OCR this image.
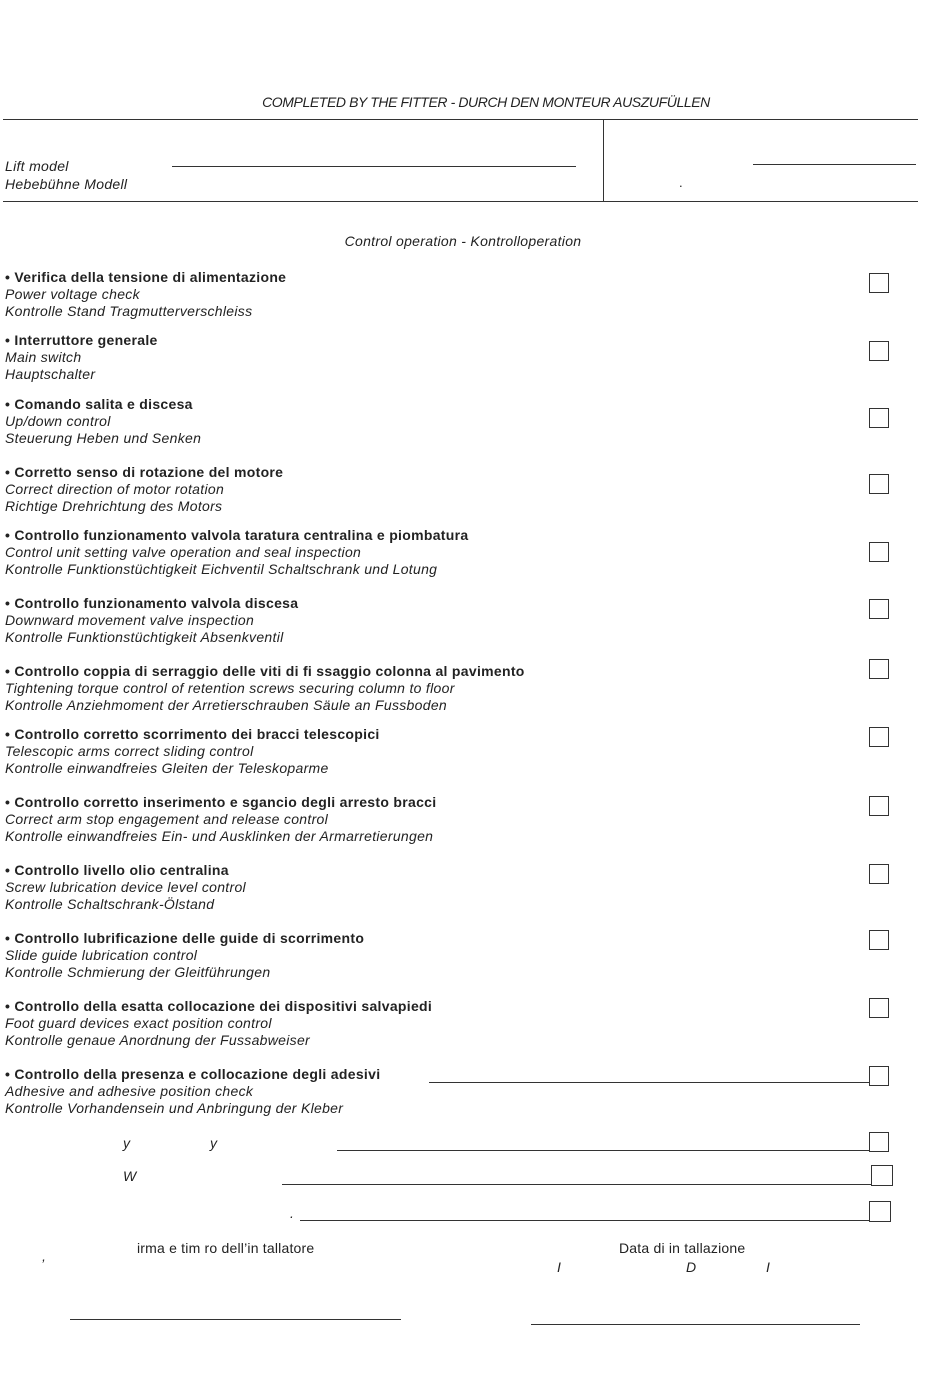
COMPLETED BY THE FITTER - DURCH DEN MONTEUR AUSZUFÜLLEN
Lift model
Hebebühne Modell	.
Control operation - Kontrolloperation
• Verifica della tensione di alimentazione
Power voltage check
Kontrolle Stand Tragmutterverschleiss
• Interruttore generale
Main switch
Hauptschalter
• Comando salita e discesa
Up/down control
Steuerung Heben und Senken
• Corretto senso di rotazione del motore
Correct direction of motor rotation
Richtige Drehrichtung des Motors
• Controllo funzionamento valvola taratura centralina e piombatura
Control unit setting valve operation and seal inspection
Kontrolle Funktionstüchtigkeit Eichventil Schaltschrank und Lotung
• Controllo funzionamento valvola discesa
Downward movement valve inspection
Kontrolle Funktionstüchtigkeit Absenkventil
• Controllo coppia di serraggio delle viti di fi ssaggio colonna al pavimento
Tightening torque control of retention screws securing column to floor
Kontrolle Anziehmoment der Arretierschrauben Säule an Fussboden
• Controllo corretto scorrimento dei bracci telescopici
Telescopic arms correct sliding control
Kontrolle einwandfreies Gleiten der Teleskoparme
• Controllo corretto inserimento e sgancio degli arresto bracci
Correct arm stop engagement and release control
Kontrolle einwandfreies Ein- und Ausklinken der Armarretierungen
• Controllo livello olio centralina
Screw lubrication device level control
Kontrolle Schaltschrank-Ölstand
• Controllo lubrificazione delle guide di scorrimento
Slide guide lubrication control
Kontrolle Schmierung der Gleitführungen
• Controllo della esatta collocazione dei dispositivi salvapiedi
Foot guard devices exact position control
Kontrolle genaue Anordnung der Fussabweiser
• Controllo della presenza e collocazione degli adesivi
Adhesive and adhesive position check
Kontrolle Vorhandensein und Anbringung der Kleber
y	y
W
.
irma e tim ro dell’in tallatore
’
Data di in tallazione
I	D	I
